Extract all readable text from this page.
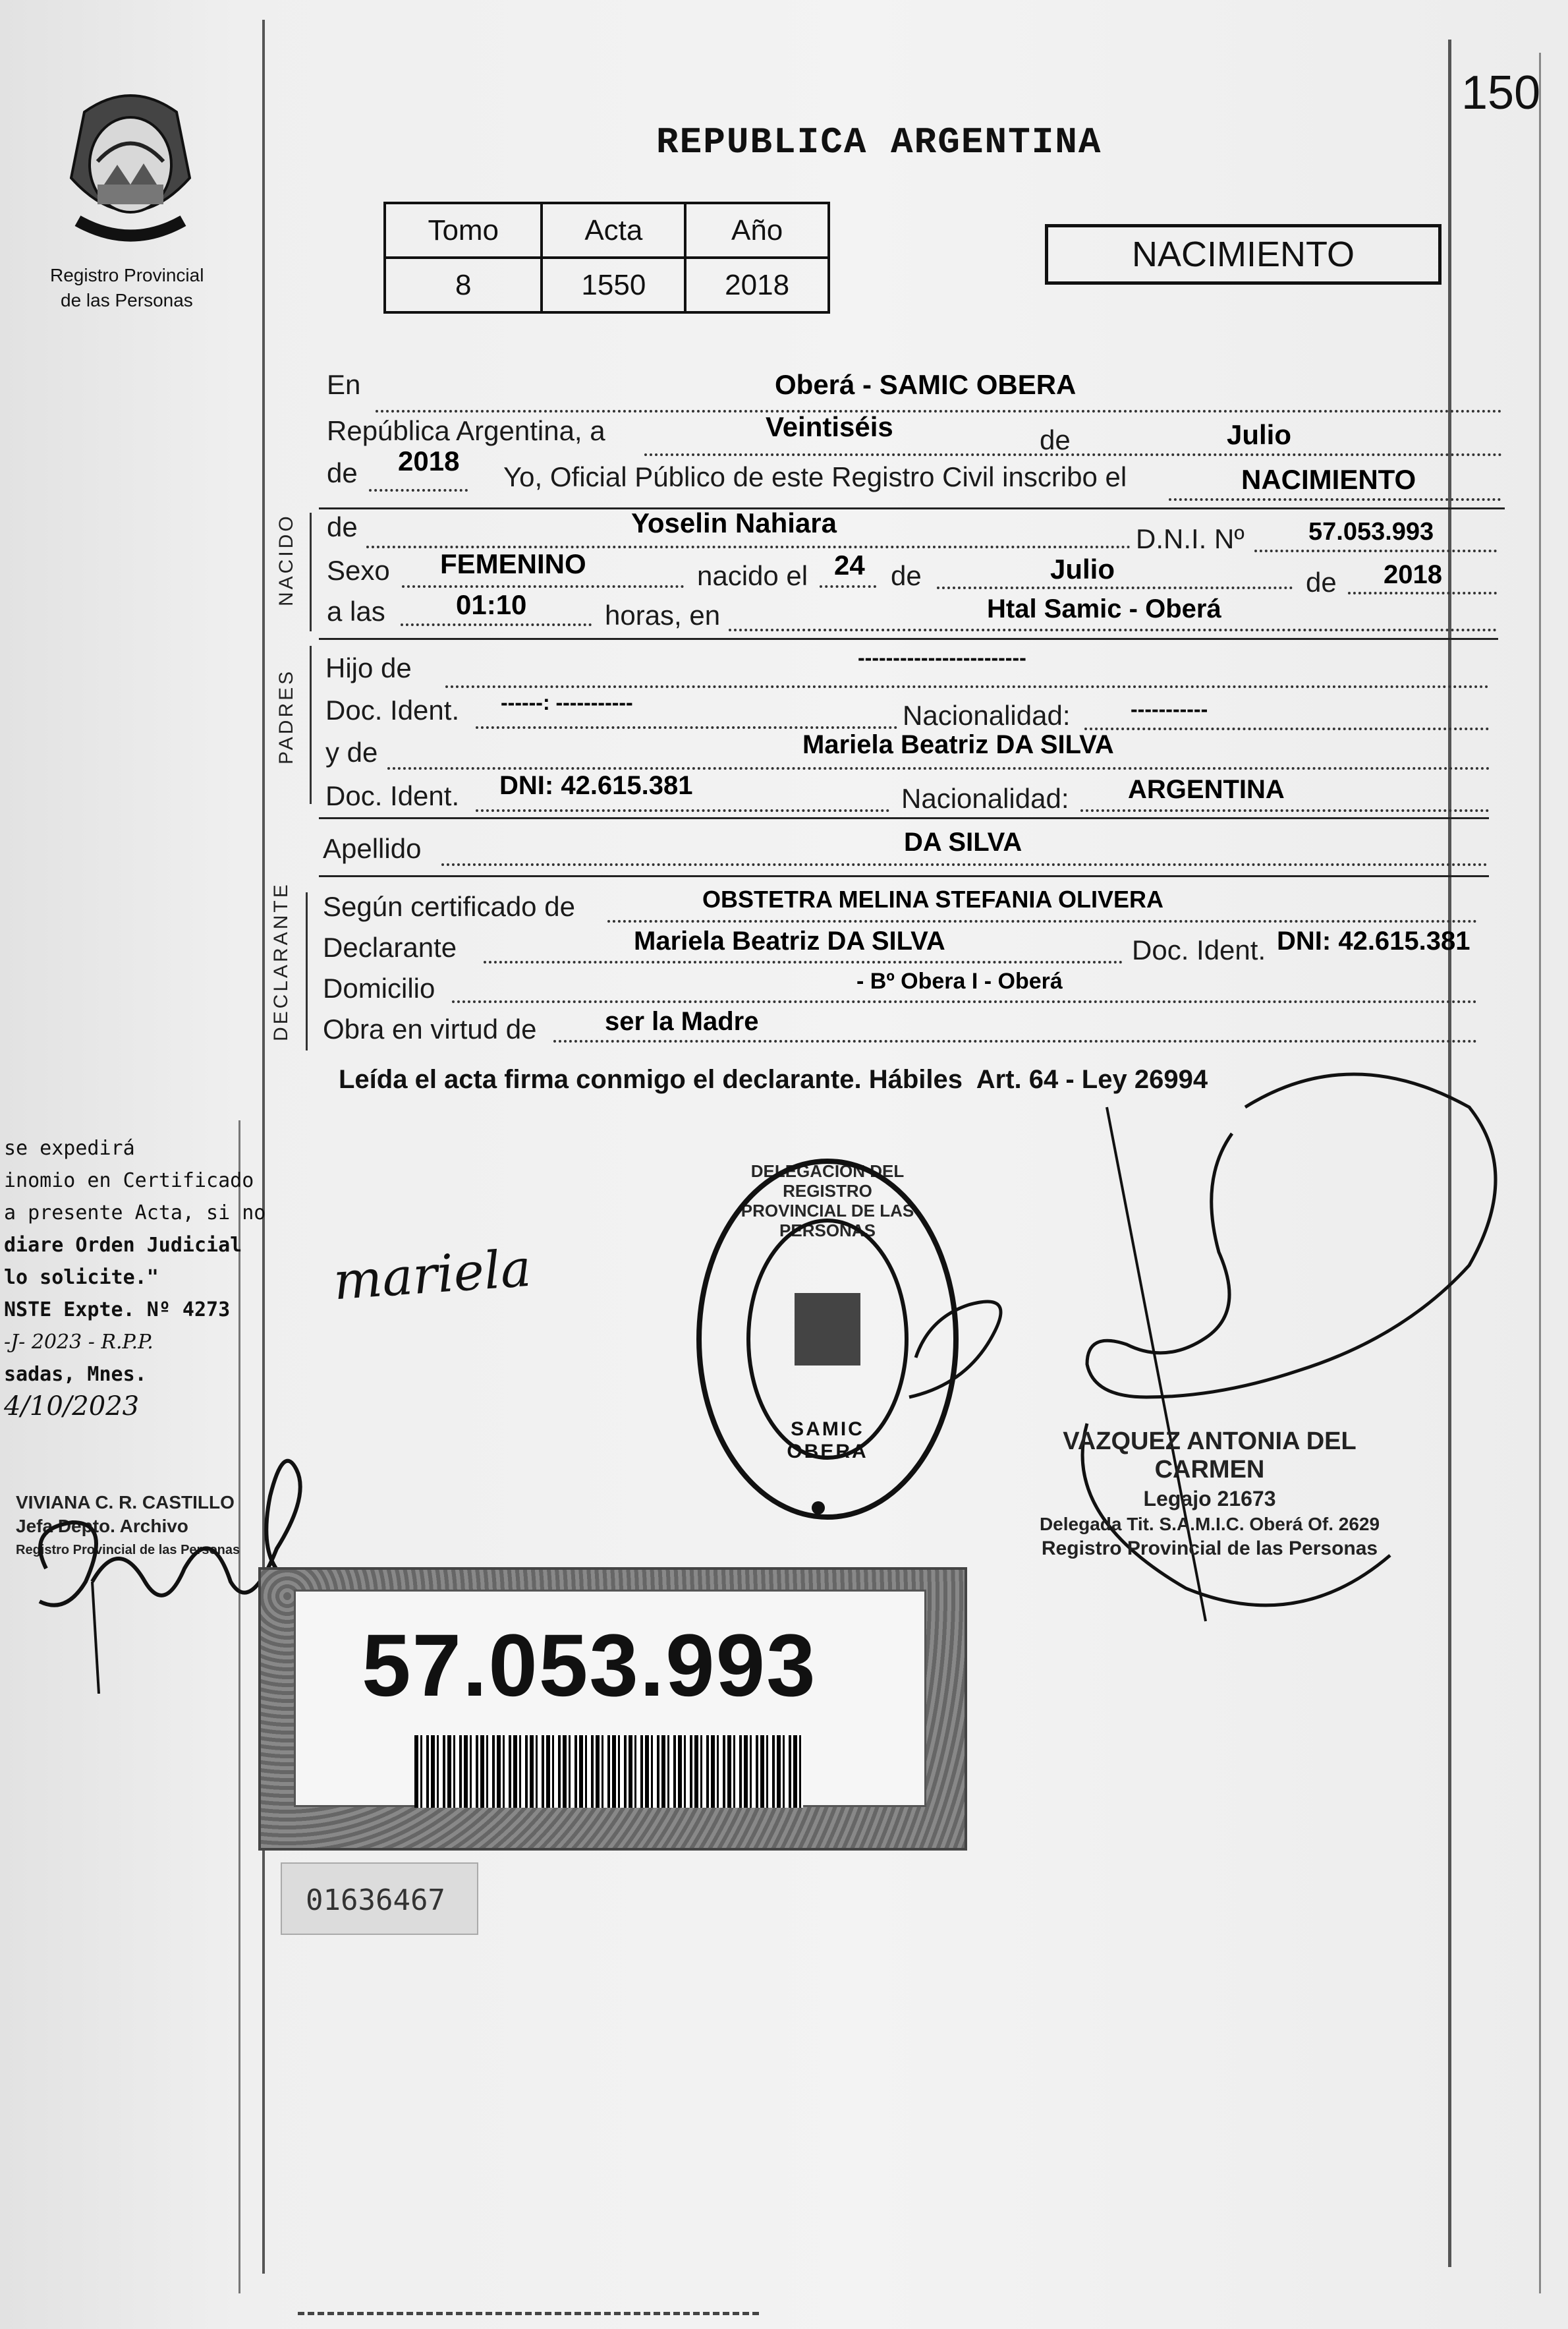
150
Registro Provincial
de las Personas
REPUBLICA ARGENTINA
Tomo	Acta	Año
8	1550	2018
NACIMIENTO
En	Oberá - SAMIC OBERA
República Argentina, a	Veintiséis	de	Julio
de 2018
Yo, Oficial Público de este Registro Civil inscribo el	NACIMIENTO
NACIDO de	Yoselin Nahiara
D.N.I. Nº	57.053.993
Sexo FEMENINO	nacido el 24 de	Julio	de 2018
a las	01:10	horas, en	Htal Samic - Oberá
PADRES
Hijo de	------------------------
Doc. Ident. ------: -----------	Nacionalidad:	-----------
y de	Mariela Beatriz DA SILVA
Doc. Ident. DNI: 42.615.381	Nacionalidad: ARGENTINA
Apellido	DA SILVA
DECLARANTE Según certificado de	OBSTETRA MELINA STEFANIA OLIVERA
Declarante	Mariela Beatriz DA SILVA	Doc. Ident. DNI: 42.615.381
Domicilio	- Bº Obera I - Oberá
Obra en virtud de	ser la Madre
Leída el acta firma conmigo el declarante. Hábiles  Art. 64 - Ley 26994
se expedirá
inomio en Certificado
a presente Acta, si no
diare Orden Judicial
lo solicite."
NSTE Expte. Nº 4273
-J- 2023 - R.P.P.
sadas, Mnes.
4/10/2023
VIVIANA C. R. CASTILLO
Jefa Depto. Archivo
Registro Provincial de las Personas
mariela
DELEGACIÓN DEL REGISTRO PROVINCIAL DE LAS PERSONAS
SAMIC OBERA	VAZQUEZ ANTONIA DEL CARMEN
Legajo 21673
Delegada Tit. S.A.M.I.C. Oberá Of. 2629
Registro Provincial de las Personas
57.053.993
01636467
